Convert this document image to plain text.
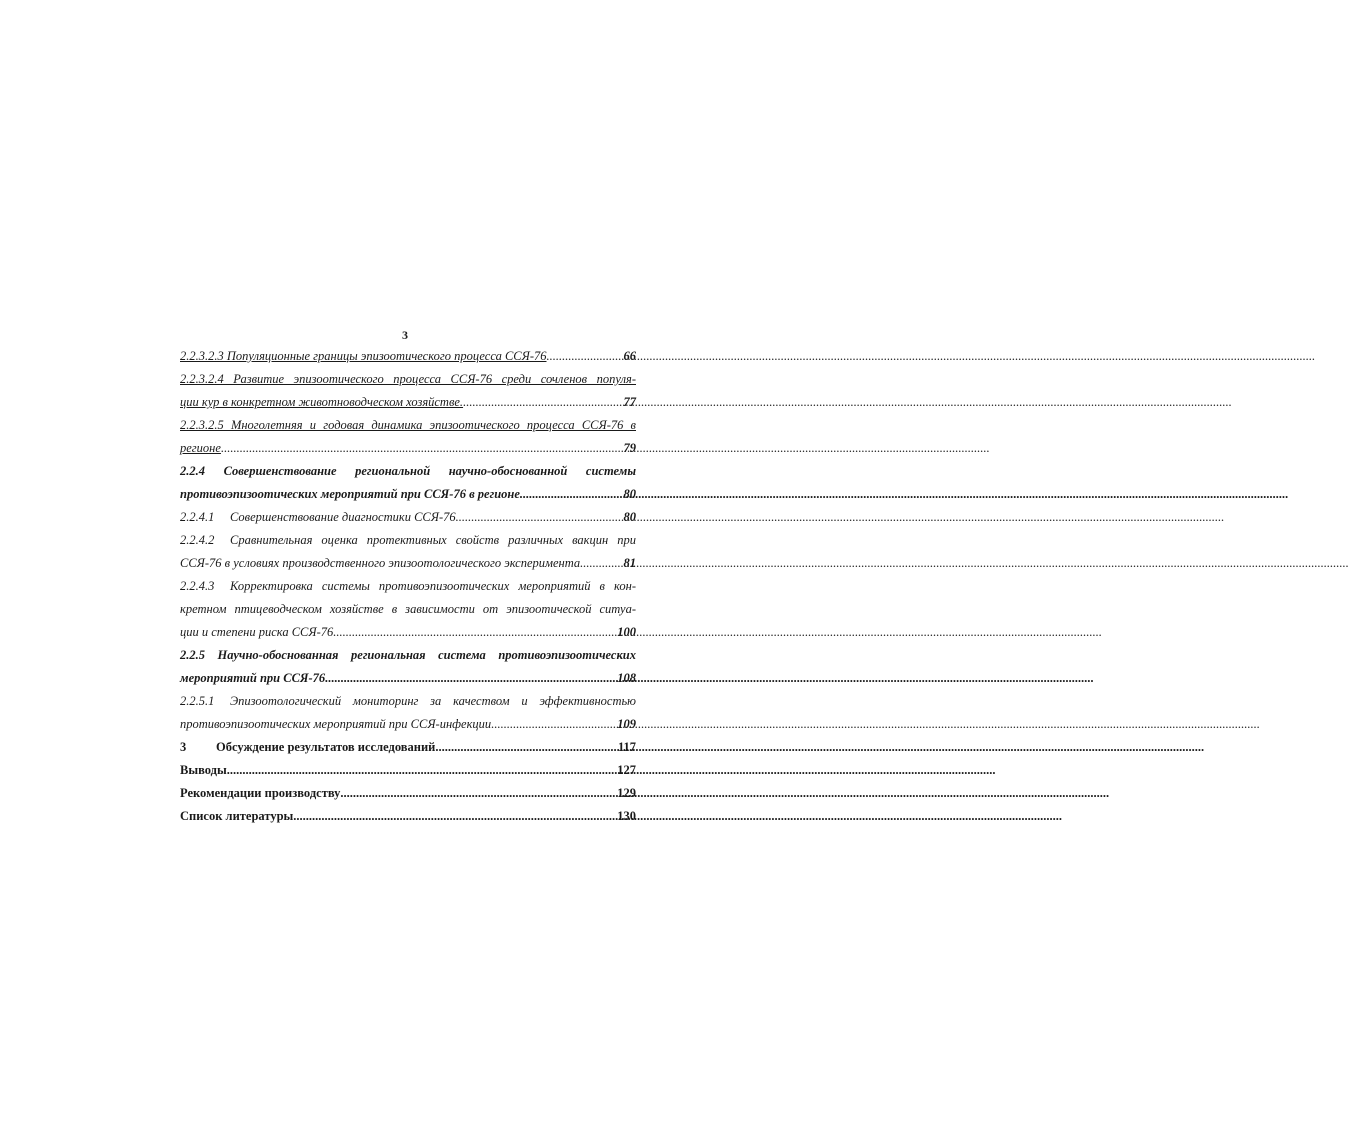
3
2.2.3.2.3 Популяционные границы эпизоотического процесса ССЯ-76 .....	66
2.2.3.2.4 Развитие эпизоотического процесса ССЯ-76 среди сочленов популя-
ции кур в конкретном животноводческом хозяйстве. .....	77
2.2.3.2.5 Многолетняя и годовая динамика эпизоотического процесса ССЯ-76 в
регионе .....	79
2.2.4 Совершенствование региональной научно-обоснованной системы
противоэпизоотических мероприятий при ССЯ-76 в регионе .....	80
2.2.4.1 Совершенствование диагностики ССЯ-76 .....	80
2.2.4.2	Сравнительная оценка протективных свойств различных вакцин при
ССЯ-76 в условиях производственного эпизоотологического эксперимента .....	81
2.2.4.3	Корректировка системы противоэпизоотических мероприятий в кон-
кретном птицеводческом хозяйстве в зависимости от эпизоотической ситуа-
ции и степени риска ССЯ-76 .....	100
2.2.5 Научно-обоснованная региональная система противоэпизоотических
мероприятий при ССЯ-76 .....	108
2.2.5.1	Эпизоотологический мониторинг за качеством и эффективностью
противоэпизоотических мероприятий при ССЯ-инфекции .....	109
3 Обсуждение результатов исследований .....	117
Выводы .....	127
Рекомендации производству .....	129
Список литературы .....	130
